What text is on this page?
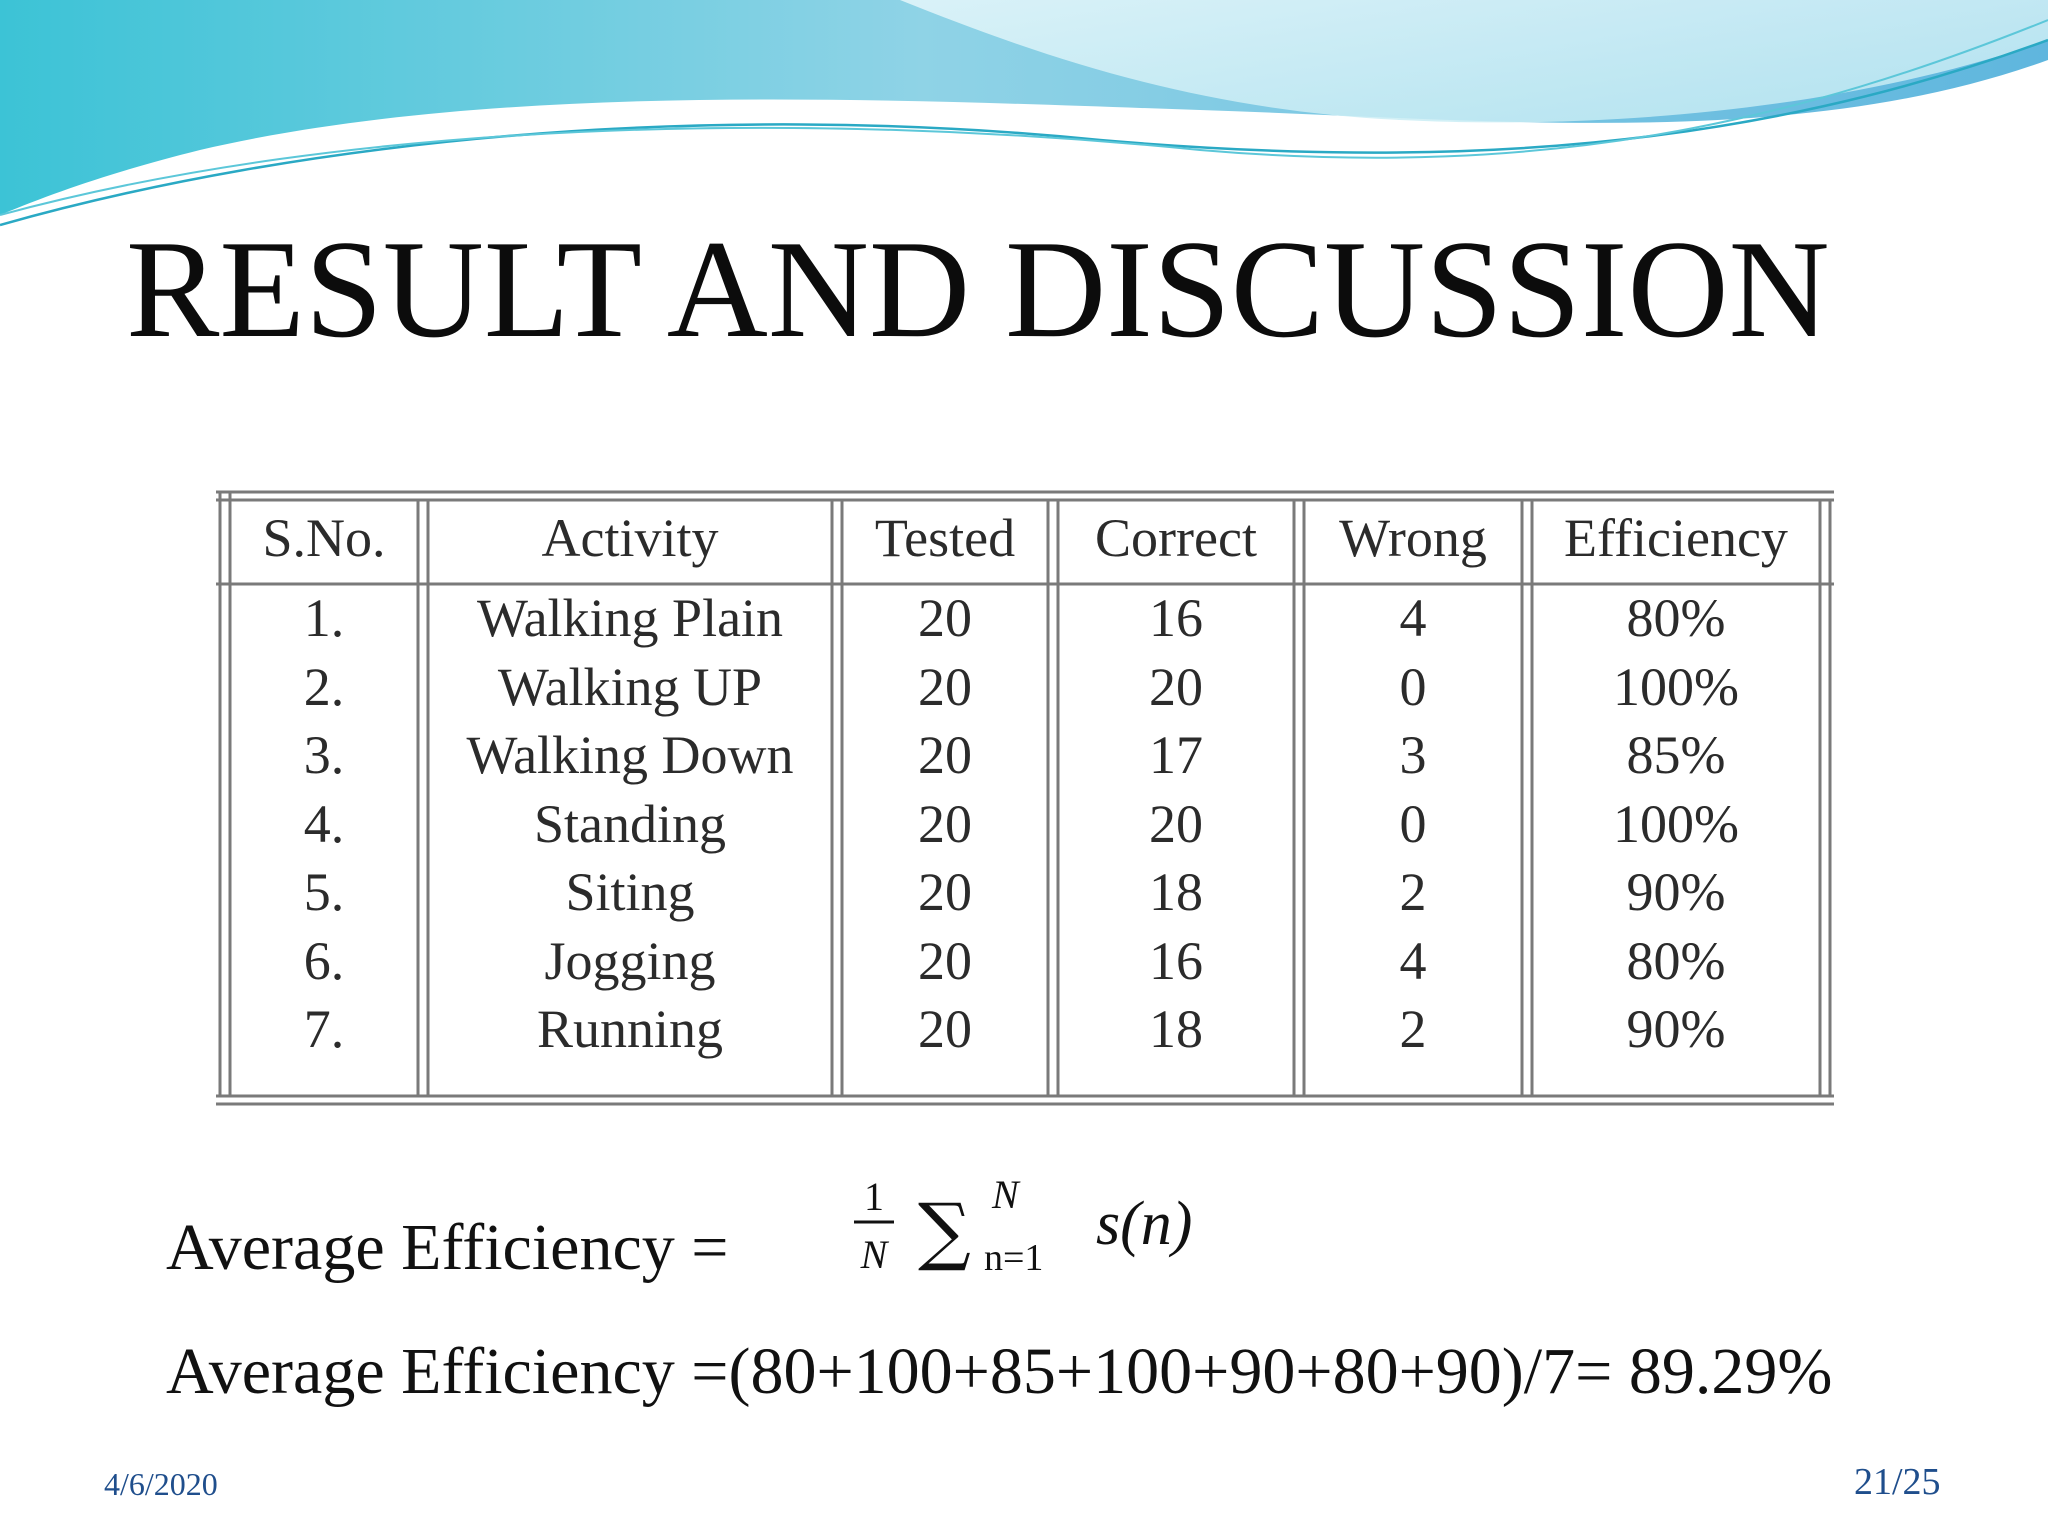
RESULT AND DISCUSSION
S.No.	Activity	Tested	Correct	Wrong	Efficiency
1.	Walking Plain	20	16	4	80%
2.	Walking UP	20	20	0	100%
3.	Walking Down	20	17	3	85%
4.	Standing	20	20	0	100%
5.	Siting	20	18	2	90%
6.	Jogging	20	16	4	80%
7.	Running	20	18	2	90%
Average Efficiency =
1
N ∑ N
n=1 s(n)
Average Efficiency =(80+100+85+100+90+80+90)/7= 89.29%
4/6/2020	21/25
